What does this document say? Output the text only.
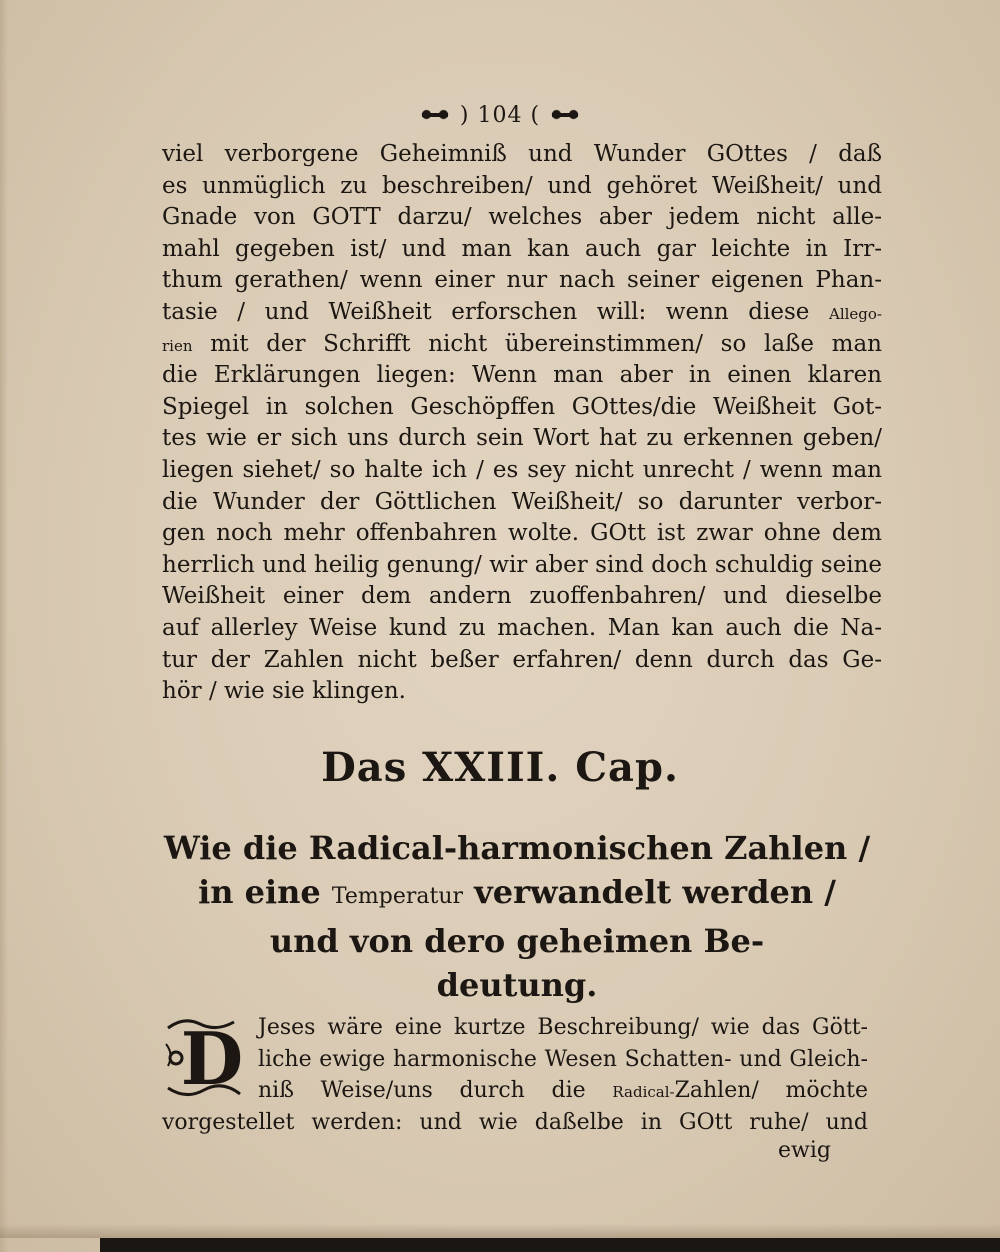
) 104 (
viel verborgene Geheimniß und Wunder GOttes / daß
es unmüglich zu beschreiben/ und gehöret Weißheit/ und
Gnade von GOTT darzu/ welches aber jedem nicht alle-
mahl gegeben ist/ und man kan auch gar leichte in Irr-
thum gerathen/ wenn einer nur nach seiner eigenen Phan-
tasie / und Weißheit erforschen will: wenn diese Allego-
rien mit der Schrifft nicht übereinstimmen/ so laße man
die Erklärungen liegen: Wenn man aber in einen klaren
Spiegel in solchen Geschöpffen GOttes/die Weißheit Got-
tes wie er sich uns durch sein Wort hat zu erkennen geben/
liegen siehet/ so halte ich / es sey nicht unrecht / wenn man
die Wunder der Göttlichen Weißheit/ so darunter verbor-
gen noch mehr offenbahren wolte. GOtt ist zwar ohne dem
herrlich und heilig genung/ wir aber sind doch schuldig seine
Weißheit einer dem andern zuoffenbahren/ und dieselbe
auf allerley Weise kund zu machen. Man kan auch die Na-
tur der Zahlen nicht beßer erfahren/ denn durch das Ge-
hör / wie sie klingen.
Das XXIII. Cap.
Wie die Radical-harmonischen Zahlen /
in eine Temperatur verwandelt werden /
und von dero geheimen Be-
deutung.
D Jeses wäre eine kurtze Beschreibung/ wie das Gött-
liche ewige harmonische Wesen Schatten- und Gleich-
niß Weise/uns durch die Radical-Zahlen/ möchte
vorgestellet werden: und wie daßelbe in GOtt ruhe/ und
ewig
